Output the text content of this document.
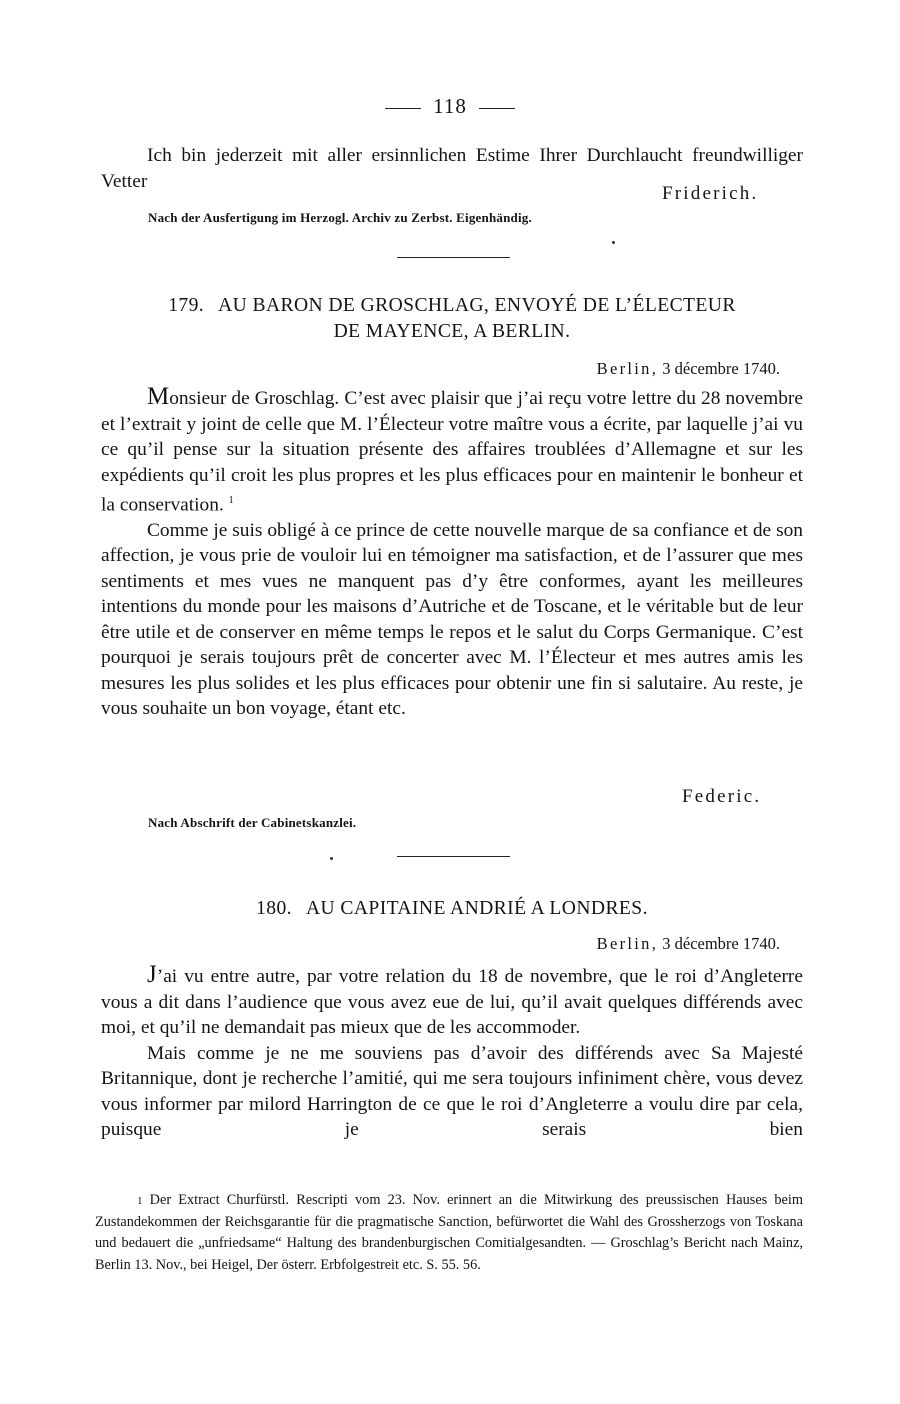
118
Ich bin jederzeit mit aller ersinnlichen Estime Ihrer Durchlaucht freundwilliger Vetter
Friderich.
Nach der Ausfertigung im Herzogl. Archiv zu Zerbst. Eigenhändig.
179. AU BARON DE GROSCHLAG, ENVOYÉ DE L’ÉLECTEUR
DE MAYENCE, A BERLIN.
Berlin, 3 décembre 1740.

Monsieur de Groschlag. C’est avec plaisir que j’ai reçu votre lettre du 28 novembre et l’extrait y joint de celle que M. l’Électeur votre maître vous a écrite, par laquelle j’ai vu ce qu’il pense sur la situation présente des affaires troublées d’Allemagne et sur les expédients qu’il croit les plus propres et les plus efficaces pour en maintenir le bonheur et la conservation. $^1$

Comme je suis obligé à ce prince de cette nouvelle marque de sa confiance et de son affection, je vous prie de vouloir lui en témoigner ma satisfaction, et de l’assurer que mes sentiments et mes vues ne manquent pas d’y être conformes, ayant les meilleures intentions du monde pour les maisons d’Autriche et de Toscane, et le véritable but de leur être utile et de conserver en même temps le repos et le salut du Corps Germanique. C’est pourquoi je serais toujours prêt de concerter avec M. l’Électeur et mes autres amis les mesures les plus solides et les plus efficaces pour obtenir une fin si salutaire. Au reste, je vous souhaite un bon voyage, étant etc.

Federic.
Nach Abschrift der Cabinetskanzlei.
180. AU CAPITAINE ANDRIÉ A LONDRES.
Berlin, 3 décembre 1740.

J’ai vu entre autre, par votre relation du 18 de novembre, que le roi d’Angleterre vous a dit dans l’audience que vous avez eue de lui, qu’il avait quelques différends avec moi, et qu’il ne demandait pas mieux que de les accommoder.

Mais comme je ne me souviens pas d’avoir des différends avec Sa Majesté Britannique, dont je recherche l’amitié, qui me sera toujours infiniment chère, vous devez vous informer par milord Harrington de ce que le roi d’Angleterre a voulu dire par cela, puisque je serais bien

1 Der Extract Churfürstl. Rescripti vom 23. Nov. erinnert an die Mitwirkung des preussischen Hauses beim Zustandekommen der Reichsgarantie für die pragmatische Sanction, befürwortet die Wahl des Grossherzogs von Toskana und bedauert die „unfriedsame“ Haltung des brandenburgischen Comitialgesandten. — Groschlag’s Bericht nach Mainz, Berlin 13. Nov., bei Heigel, Der österr. Erbfolgestreit etc. S. 55. 56.
